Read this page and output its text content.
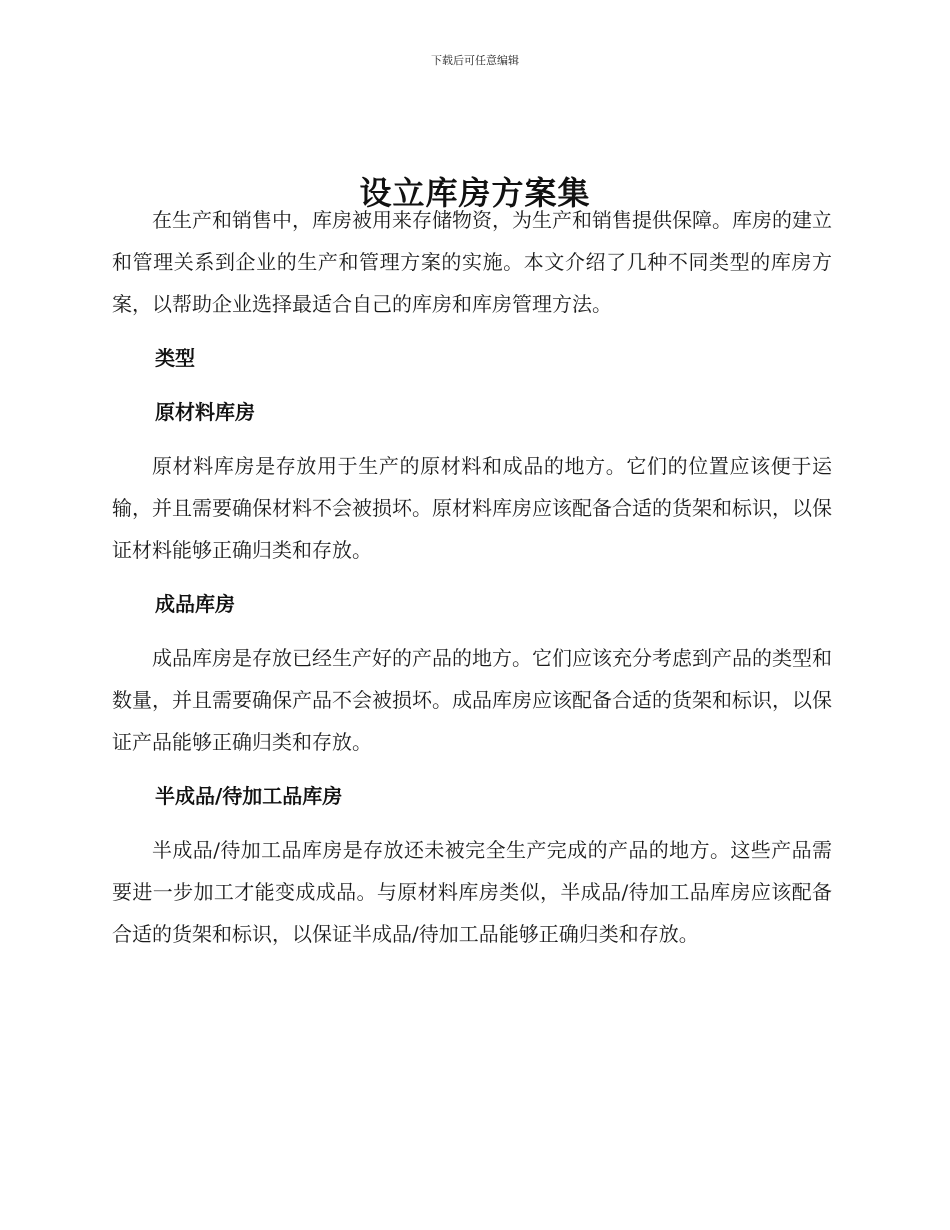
下载后可任意编辑
设立库房方案集

在生产和销售中，库房被用来存储物资，为生产和销售提供保障。库房的建立和管理关系到企业的生产和管理方案的实施。本文介绍了几种不同类型的库房方案，以帮助企业选择最适合自己的库房和库房管理方法。

类型

原材料库房

原材料库房是存放用于生产的原材料和成品的地方。它们的位置应该便于运输，并且需要确保材料不会被损坏。原材料库房应该配备合适的货架和标识，以保证材料能够正确归类和存放。

成品库房

成品库房是存放已经生产好的产品的地方。它们应该充分考虑到产品的类型和数量，并且需要确保产品不会被损坏。成品库房应该配备合适的货架和标识，以保证产品能够正确归类和存放。

半成品/待加工品库房

半成品/待加工品库房是存放还未被完全生产完成的产品的地方。这些产品需要进一步加工才能变成成品。与原材料库房类似，半成品/待加工品库房应该配备合适的货架和标识，以保证半成品/待加工品能够正确归类和存放。
